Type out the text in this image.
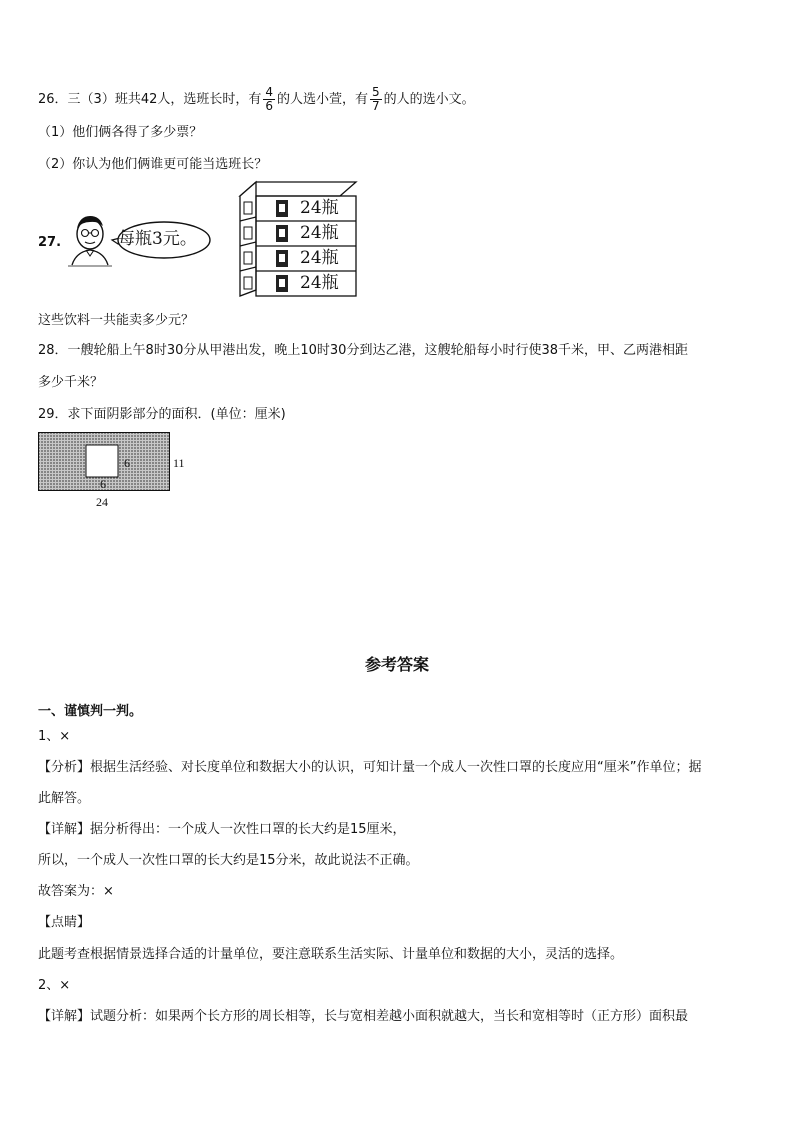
26．三（3）班共42人，选班长时，有 $\frac{4}{6}$ 的人选小萱，有 $\frac{5}{7}$ 的人的选小文。
（1）他们俩各得了多少票？
（2）你认为他们俩谁更可能当选班长？
27.	每瓶3元。
24瓶
24瓶
24瓶
24瓶
这些饮料一共能卖多少元？
28．一艘轮船上午8时30分从甲港出发，晚上10时30分到达乙港，这艘轮船每小时行使38千米，甲、乙两港相距
多少千米？
29．求下面阴影部分的面积．(单位：厘米)
6
6
11
24
参考答案
一、谨慎判一判。
1、×
【分析】根据生活经验、对长度单位和数据大小的认识，可知计量一个成人一次性口罩的长度应用“厘米”作单位；据
此解答。
【详解】据分析得出：一个成人一次性口罩的长大约是15厘米，
所以，一个成人一次性口罩的长大约是15分米，故此说法不正确。
故答案为：×
【点睛】
此题考查根据情景选择合适的计量单位，要注意联系生活实际、计量单位和数据的大小，灵活的选择。
2、×
【详解】试题分析：如果两个长方形的周长相等，长与宽相差越小面积就越大，当长和宽相等时（正方形）面积最
